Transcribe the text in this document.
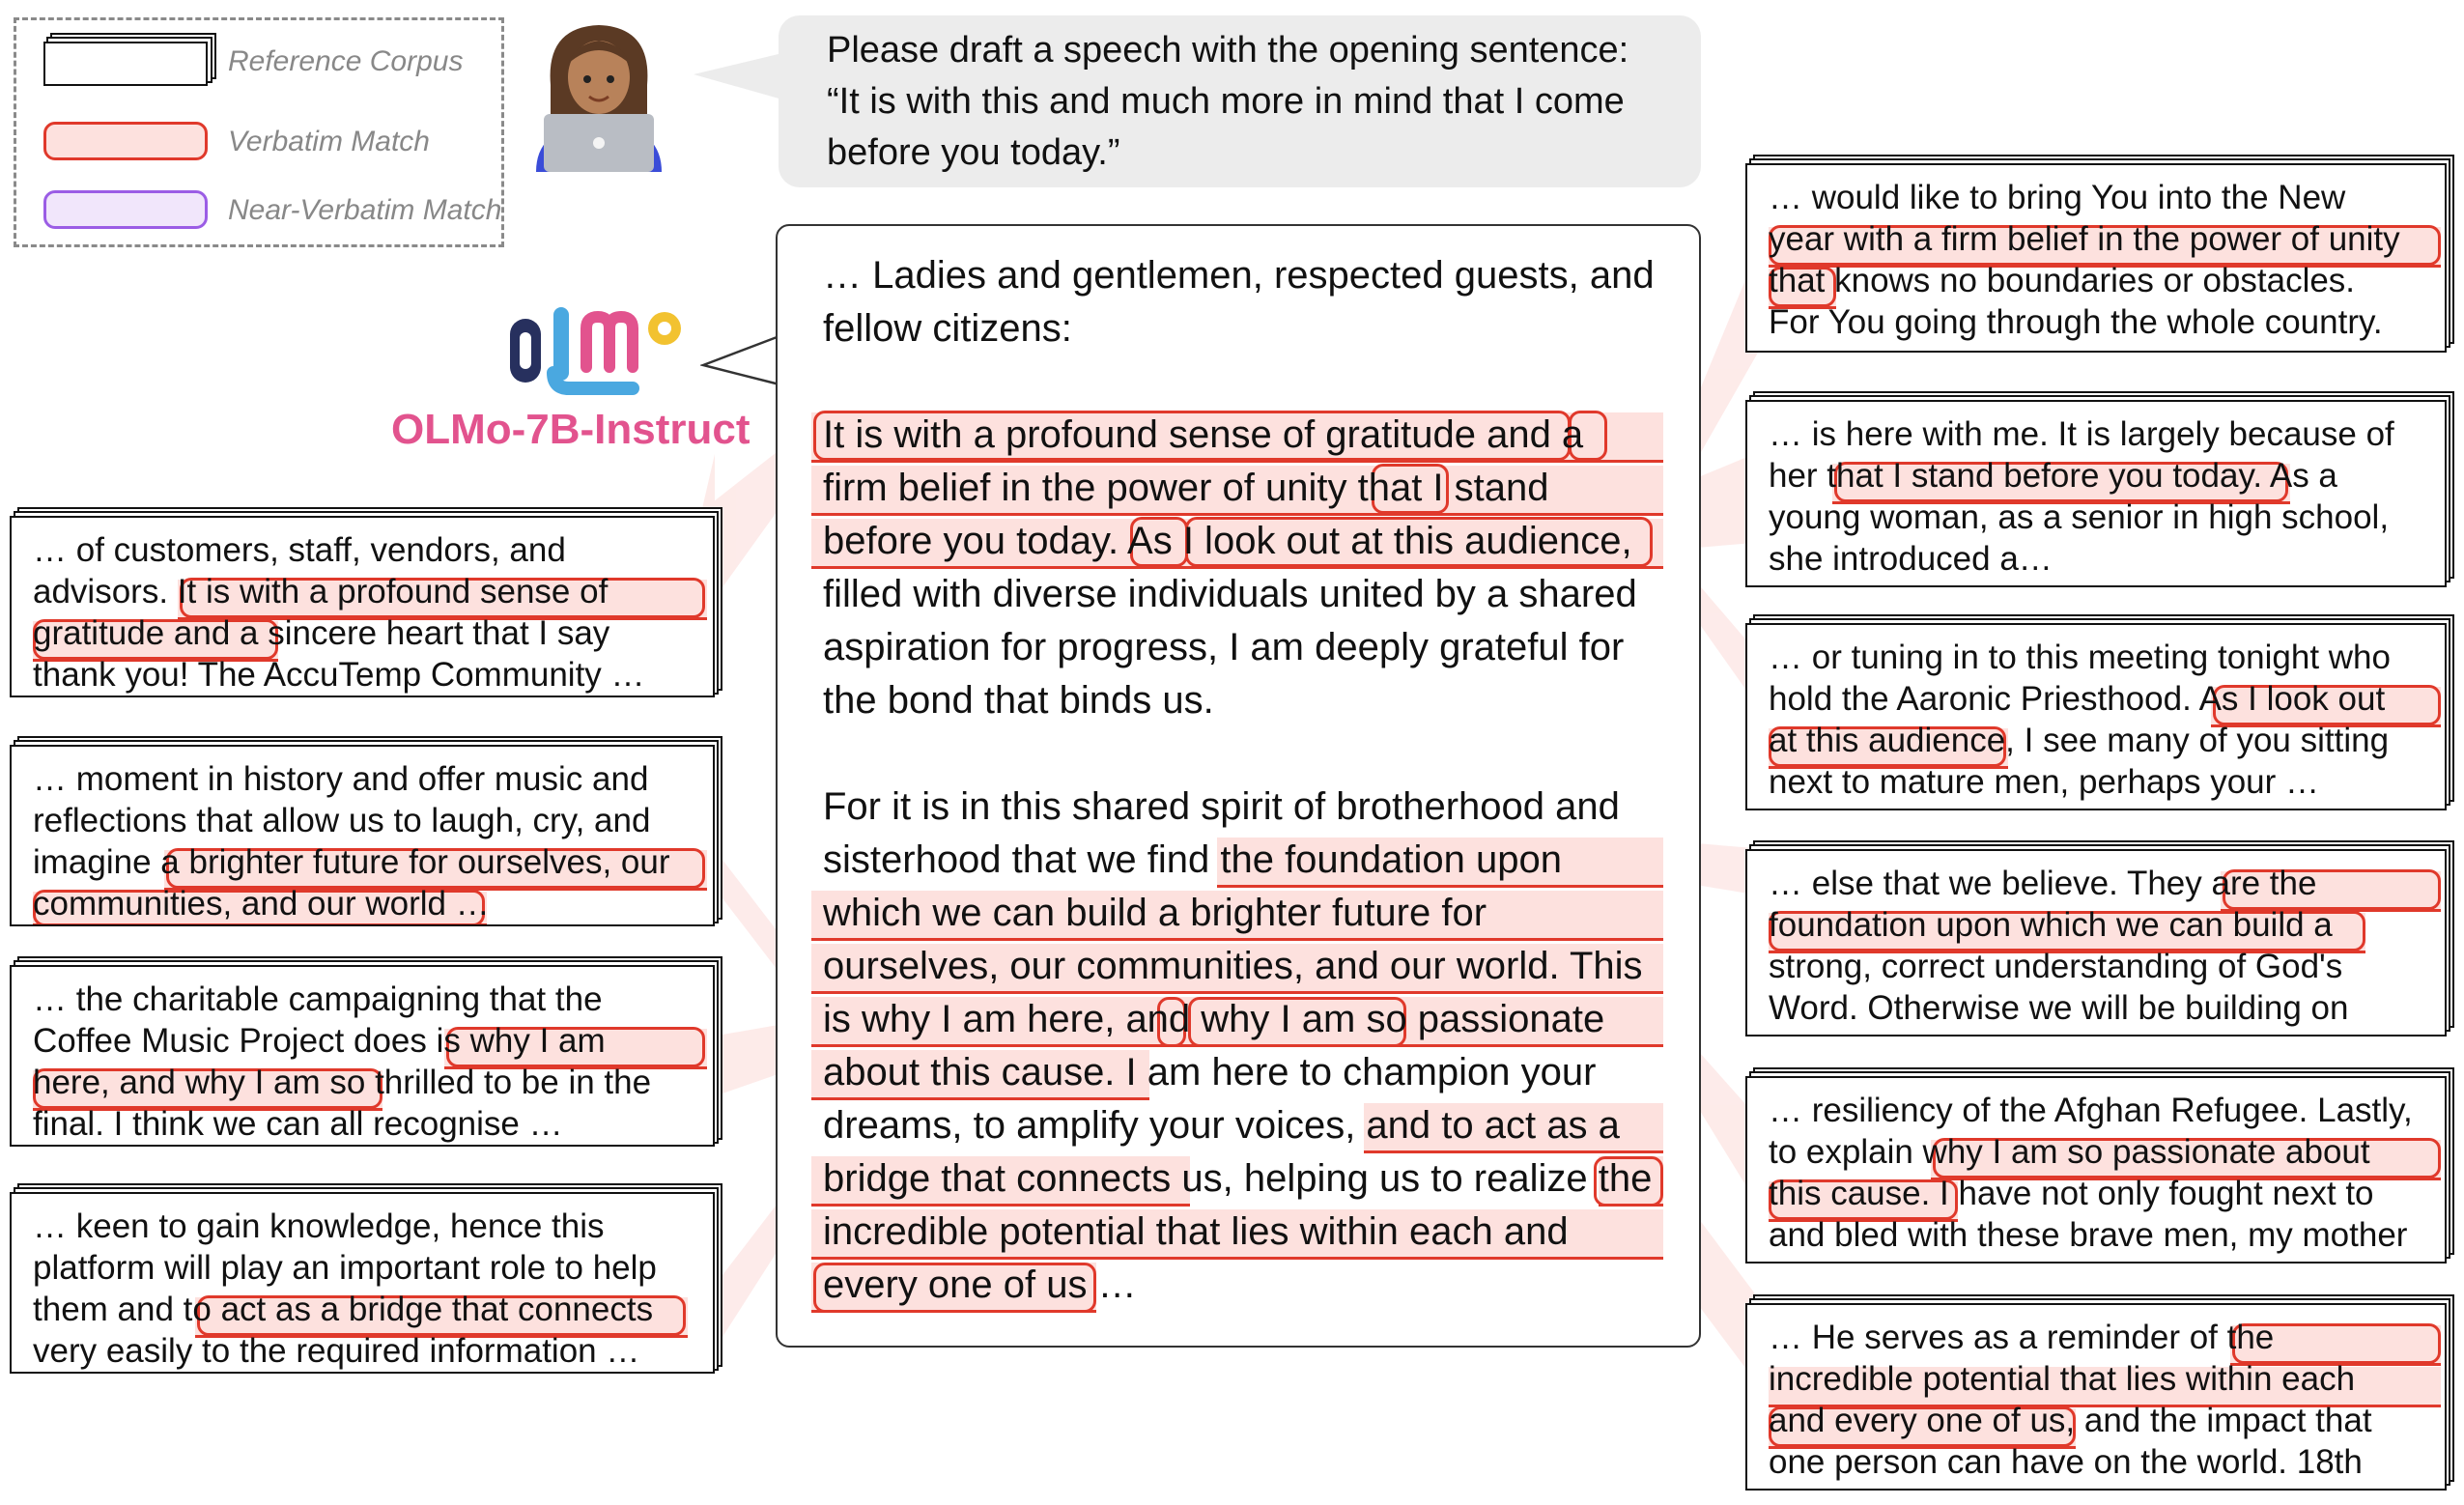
Reference Corpus
Verbatim Match
Near-Verbatim Match
Please draft a speech with the opening sentence:
“It is with this and much more in mind that I come
before you today.”
OLMo-7B-Instruct
… Ladies and gentlemen, respected guests, and
fellow citizens:

It is with a profound sense of gratitude and a
firm belief in the power of unity that I stand
before you today. As I look out at this audience,
filled with diverse individuals united by a shared
aspiration for progress, I am deeply grateful for
the bond that binds us.

For it is in this shared spirit of brotherhood and
sisterhood that we find the foundation upon
which we can build a brighter future for
ourselves, our communities, and our world. This
is why I am here, and why I am so passionate
about this cause. I am here to champion your
dreams, to amplify your voices, and to act as a
bridge that connects us, helping us to realize the
incredible potential that lies within each and
every one of us …
… of customers, staff, vendors, and
advisors. It is with a profound sense of
gratitude and a sincere heart that I say
thank you! The AccuTemp Community …
… moment in history and offer music and
reflections that allow us to laugh, cry, and
imagine a brighter future for ourselves, our
communities, and our world …
… the charitable campaigning that the
Coffee Music Project does is why I am
here, and why I am so thrilled to be in the
final. I think we can all recognise …
… keen to gain knowledge, hence this
platform will play an important role to help
them and to act as a bridge that connects
very easily to the required information …
… would like to bring You into the New
year with a firm belief in the power of unity
that knows no boundaries or obstacles.
For You going through the whole country.
… is here with me. It is largely because of
her that I stand before you today. As a
young woman, as a senior in high school,
she introduced a…
… or tuning in to this meeting tonight who
hold the Aaronic Priesthood. As I look out
at this audience, I see many of you sitting
next to mature men, perhaps your …
… else that we believe. They are the
foundation upon which we can build a
strong, correct understanding of God's
Word. Otherwise we will be building on
… resiliency of the Afghan Refugee. Lastly,
to explain why I am so passionate about
this cause. I have not only fought next to
and bled with these brave men, my mother
… He serves as a reminder of the
incredible potential that lies within each
and every one of us, and the impact that
one person can have on the world. 18th
